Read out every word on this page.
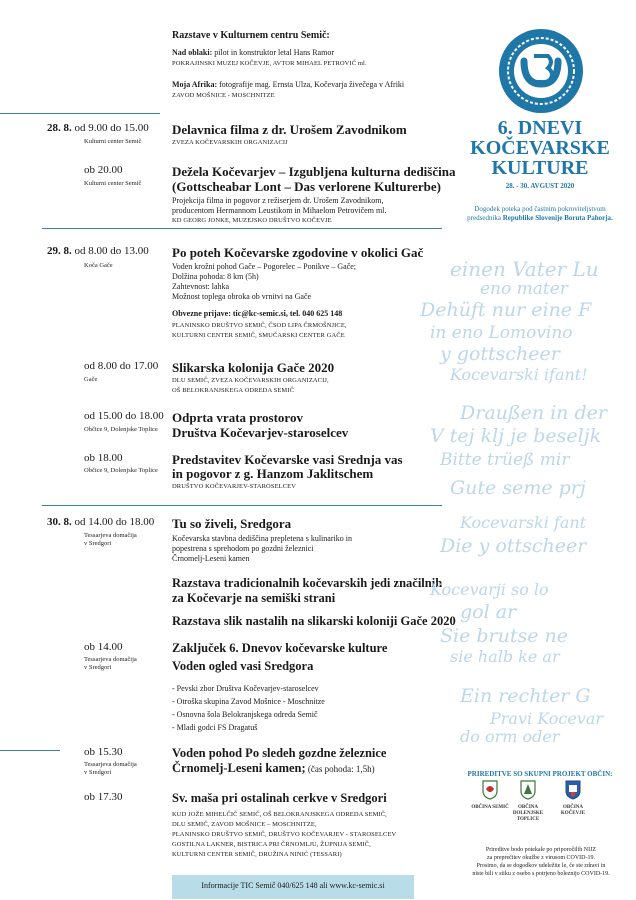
Razstave v Kulturnem centru Semič:
Nad oblaki: pilot in konstruktor letal Hans Ramor
POKRAJINSKI MUZEJ KOČEVJE, AVTOR MIHAEL PETROVIČ ml.
Moja Afrika: fotografije mag. Ernsta Ulza, Kočevarja živečega v Afriki
ZAVOD MOŠNICE - MOSCHNITZE
28. 8. od 9.00 do 15.00
Kulturni center Semič
Delavnica filma z dr. Urošem Zavodnikom
ZVEZA KOČEVARSKIH ORGANIZACIJ
ob 20.00
Kulturni center Semič
Dežela Kočevarjev – Izgubljena kulturna dediščina
(Gottscheabar Lont – Das verlorene Kulturerbe)
Projekcija filma in pogovor z režiserjem dr. Urošem Zavodnikom,
producentom Hermannom Leustikom in Mihaelom Petrovičem ml.
KD GEORG JONKE, MUZEJSKO DRUŠTVO KOČEVJE
29. 8. od 8.00 do 13.00
Koča Gače
Po poteh Kočevarske zgodovine v okolici Gač
Voden krožni pohod Gače – Pogorelec – Ponikve – Gače;
Dolžina pohoda: 8 km (5h)
Zahtevnost: lahka
Možnost toplega obroka ob vrnitvi na Gače
Obvezne prijave: tic@kc-semic.si, tel. 040 625 148
PLANINSKO DRUŠTVO SEMIČ, ČSOD LIPA ČRMOŠNJICE,
KULTURNI CENTER SEMIČ, SMUČARSKI CENTER GAČE
od 8.00 do 17.00
Gače
Slikarska kolonija Gače 2020
DLU SEMIČ, ZVEZA KOČEVARSKIH ORGANIZACIJ,
OŠ BELOKRANJSKEGA ODREDA SEMIČ
od 15.00 do 18.00
Občice 9, Dolenjske Toplice
Odprta vrata prostorov
Društva Kočevarjev-staroselcev
ob 18.00
Občice 9, Dolenjske Toplice
Predstavitev Kočevarske vasi Srednja vas
in pogovor z g. Hanzom Jaklitschem
DRUŠTVO KOČEVARJEV-STAROSELCEV
30. 8. od 14.00 do 18.00
Tessarjeva domačija
v Sredgori
Tu so živeli, Sredgora
Kočevarska stavbna dediščina prepletena s kulinariko in
popestrena s sprehodom po gozdni železnici
Črnomelj-Leseni kamen
Razstava tradicionalnih kočevarskih jedi značilnih
za Kočevarje na semiški strani
Razstava slik nastalih na slikarski koloniji Gače 2020
ob 14.00
Tessarjeva domačija
v Sredgori
Zaključek 6. Dnevov kočevarske kulture
Voden ogled vasi Sredgora
- Pevski zbor Društva Kočevarjev-staroselcev
- Otroška skupina Zavod Mošnice - Moschnitze
- Osnovna šola Belokranjskega odreda Semič
- Mladi godci FS Dragatuš
ob 15.30
Tessarjeva domačija
v Sredgori
Voden pohod Po sledeh gozdne železnice
Črnomelj-Leseni kamen; (čas pohoda: 1,5h)
ob 17.30	Sv. maša pri ostalinah cerkve v Sredgori
KUD JOŽE MIHELČIČ SEMIČ, OŠ BELOKRANJSKEGA ODREDA SEMIČ,
DLU SEMIČ, ZAVOD MOŠNICE – MOSCHNITZE,
PLANINSKO DRUŠTVO SEMIČ, DRUŠTVO KOČEVARJEV - STAROSELCEV
GOSTILNA LAKNER, BISTRICA PRI ČRNOMLJU, ŽUPNIJA SEMIČ,
KULTURNI CENTER SEMIČ, DRUŽINA NINIĆ (TESSARI)
Informacije TIC Semič 040/625 148 ali www.kc-semic.si
einen Vater Lu
eno mater
Dehüft nur eine F
in eno Lomovino
y gottscheer
Kocevarski ifant!
Draußen in der
V tej klj je beseljk
Bitte trüeß mir
Gute seme prj
Kocevarski fant
Die y ottscheer
Kocevarji so lo
gol ar
Sie brutse ne
sie halb ke ar
Ein rechter G
Pravi Kocevar
do orm oder
6. DNEVI
KOČEVARSKE
KULTURE
28. - 30. AVGUST 2020
Dogodek poteka pod častnim pokroviteljstvom
predsednika Republike Slovenije Boruta Pahorja.
PRIREDITVE SO SKUPNI PROJEKT OBČIN:
OBČINA SEMIČ	OBČINA DOLENJSKE TOPLICE
OBČINA KOČEVJE
Prireditve bodo potekale po priporočilih NIJZ
za preprečitev okužbe z virusom COVID-19.
Prosimo, da se dogodkov udeležite le, če ste zdravi in
niste bili v stiku z osebo s potrjeno boleznijo COVID-19.
